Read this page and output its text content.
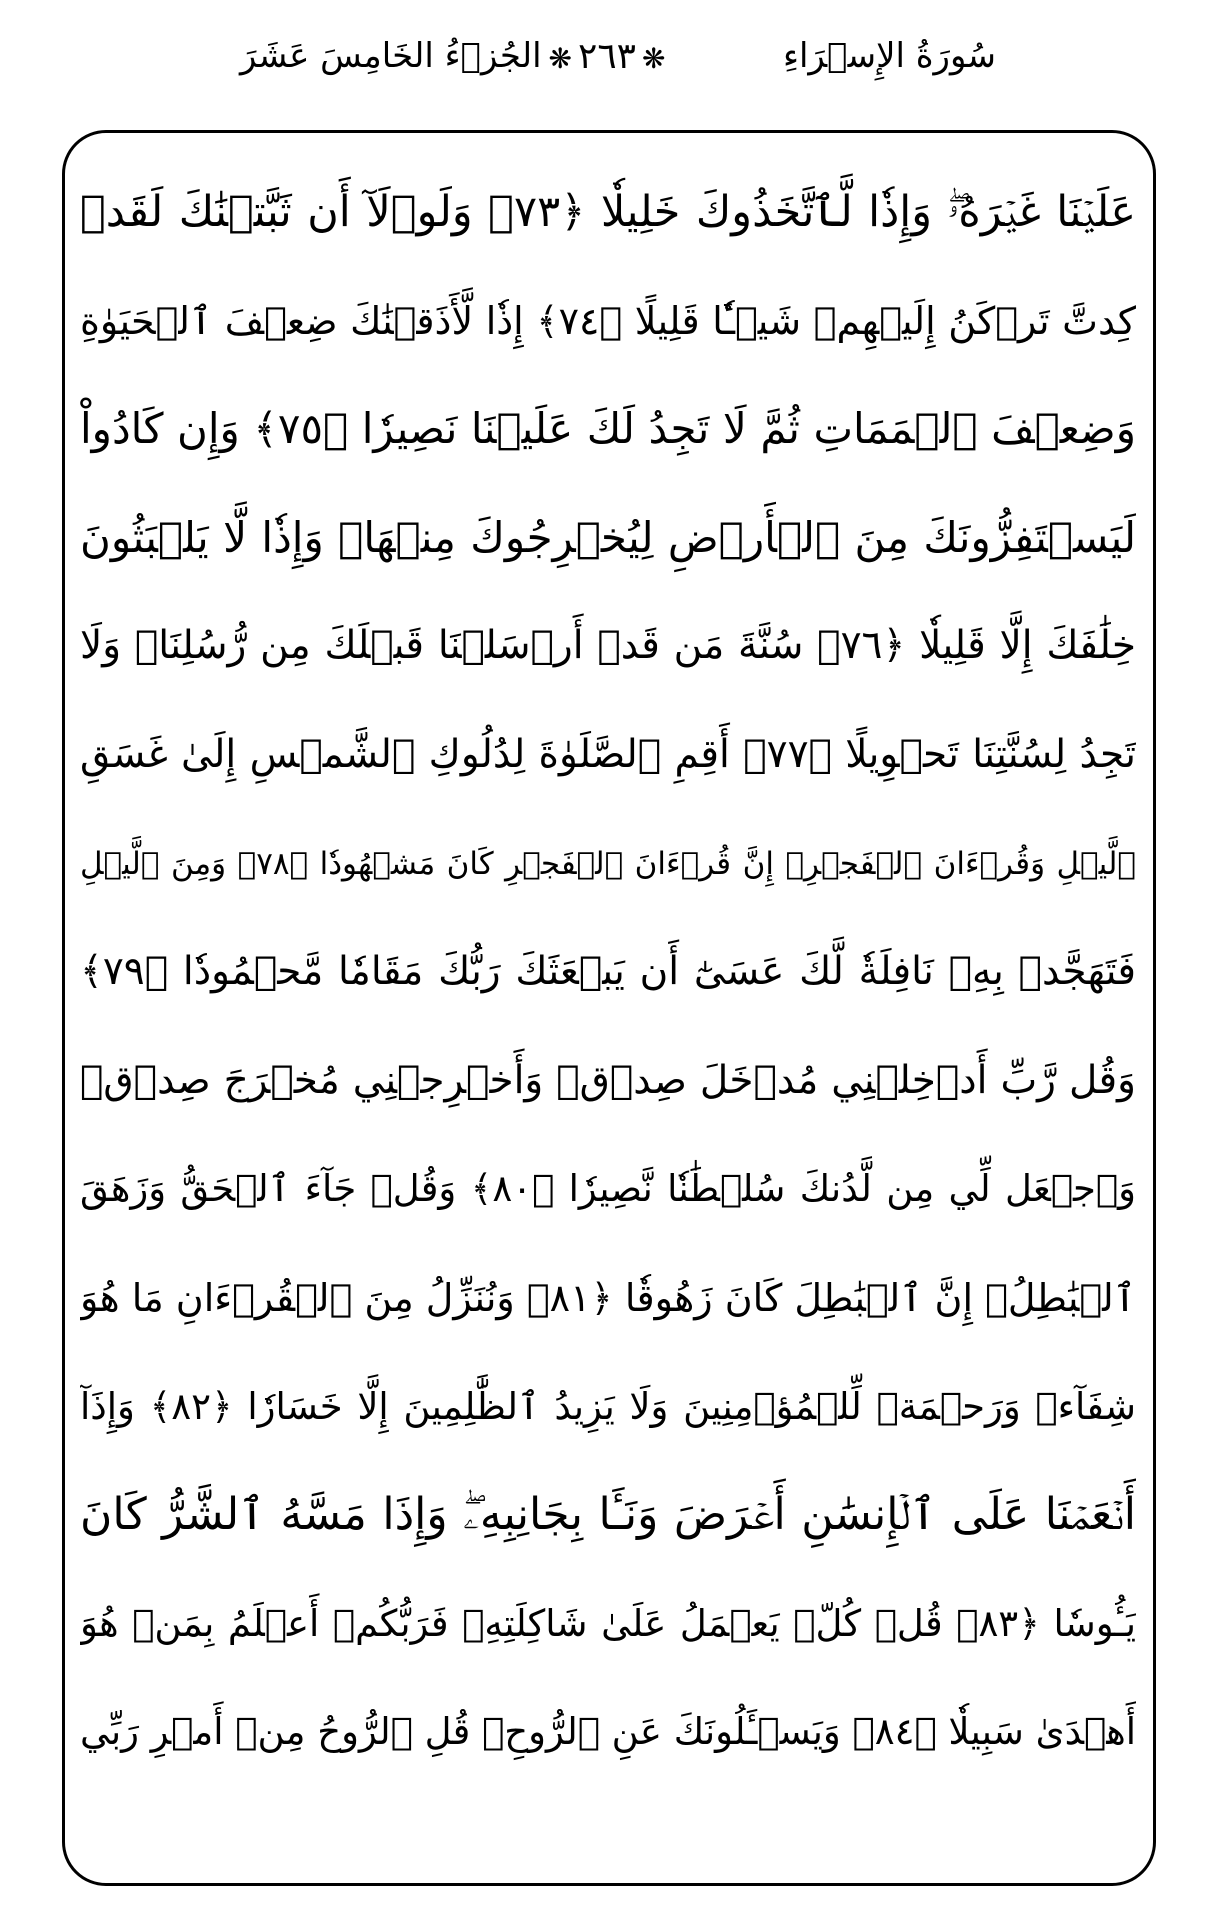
الجُزۡءُ الخَامِسَ عَشَرَ ❋ ٢٦٣ ❋	سُورَةُ الإِسۡرَاءِ
عَلَيۡنَا غَيۡرَهُۥۖ وَإِذٗا لَّٱتَّخَذُوكَ خَلِيلٗا ﴿٧٣﴾ وَلَوۡلَآ أَن ثَبَّتۡنَٰكَ لَقَدۡ
كِدتَّ تَرۡكَنُ إِلَيۡهِمۡ شَيۡـٔٗا قَلِيلًا ﴿٧٤﴾ إِذٗا لَّأَذَقۡنَٰكَ ضِعۡفَ ٱلۡحَيَوٰةِ
وَضِعۡفَ ٱلۡمَمَاتِ ثُمَّ لَا تَجِدُ لَكَ عَلَيۡنَا نَصِيرٗا ﴿٧٥﴾ وَإِن كَادُواْ
لَيَسۡتَفِزُّونَكَ مِنَ ٱلۡأَرۡضِ لِيُخۡرِجُوكَ مِنۡهَاۖ وَإِذٗا لَّا يَلۡبَثُونَ
خِلَٰفَكَ إِلَّا قَلِيلٗا ﴿٧٦﴾ سُنَّةَ مَن قَدۡ أَرۡسَلۡنَا قَبۡلَكَ مِن رُّسُلِنَاۖ وَلَا
تَجِدُ لِسُنَّتِنَا تَحۡوِيلًا ﴿٧٧﴾ أَقِمِ ٱلصَّلَوٰةَ لِدُلُوكِ ٱلشَّمۡسِ إِلَىٰ غَسَقِ
ٱلَّيۡلِ وَقُرۡءَانَ ٱلۡفَجۡرِۖ إِنَّ قُرۡءَانَ ٱلۡفَجۡرِ كَانَ مَشۡهُودٗا ﴿٧٨﴾ وَمِنَ ٱلَّيۡلِ
فَتَهَجَّدۡ بِهِۦ نَافِلَةٗ لَّكَ عَسَىٰٓ أَن يَبۡعَثَكَ رَبُّكَ مَقَامٗا مَّحۡمُودٗا ﴿٧٩﴾
وَقُل رَّبِّ أَدۡخِلۡنِي مُدۡخَلَ صِدۡقٖ وَأَخۡرِجۡنِي مُخۡرَجَ صِدۡقٖ
وَٱجۡعَل لِّي مِن لَّدُنكَ سُلۡطَٰنٗا نَّصِيرٗا ﴿٨٠﴾ وَقُلۡ جَآءَ ٱلۡحَقُّ وَزَهَقَ
ٱلۡبَٰطِلُۚ إِنَّ ٱلۡبَٰطِلَ كَانَ زَهُوقٗا ﴿٨١﴾ وَنُنَزِّلُ مِنَ ٱلۡقُرۡءَانِ مَا هُوَ
شِفَآءٞ وَرَحۡمَةٞ لِّلۡمُؤۡمِنِينَ وَلَا يَزِيدُ ٱلظَّٰلِمِينَ إِلَّا خَسَارٗا ﴿٨٢﴾ وَإِذَآ
أَنۡعَمۡنَا عَلَى ٱلۡإِنسَٰنِ أَعۡرَضَ وَنَـَٔا بِجَانِبِهِۦۖ وَإِذَا مَسَّهُ ٱلشَّرُّ كَانَ
يَـُٔوسٗا ﴿٨٣﴾ قُلۡ كُلّٞ يَعۡمَلُ عَلَىٰ شَاكِلَتِهِۦ فَرَبُّكُمۡ أَعۡلَمُ بِمَنۡ هُوَ
أَهۡدَىٰ سَبِيلٗا ﴿٨٤﴾ وَيَسۡـَٔلُونَكَ عَنِ ٱلرُّوحِۖ قُلِ ٱلرُّوحُ مِنۡ أَمۡرِ رَبِّي
